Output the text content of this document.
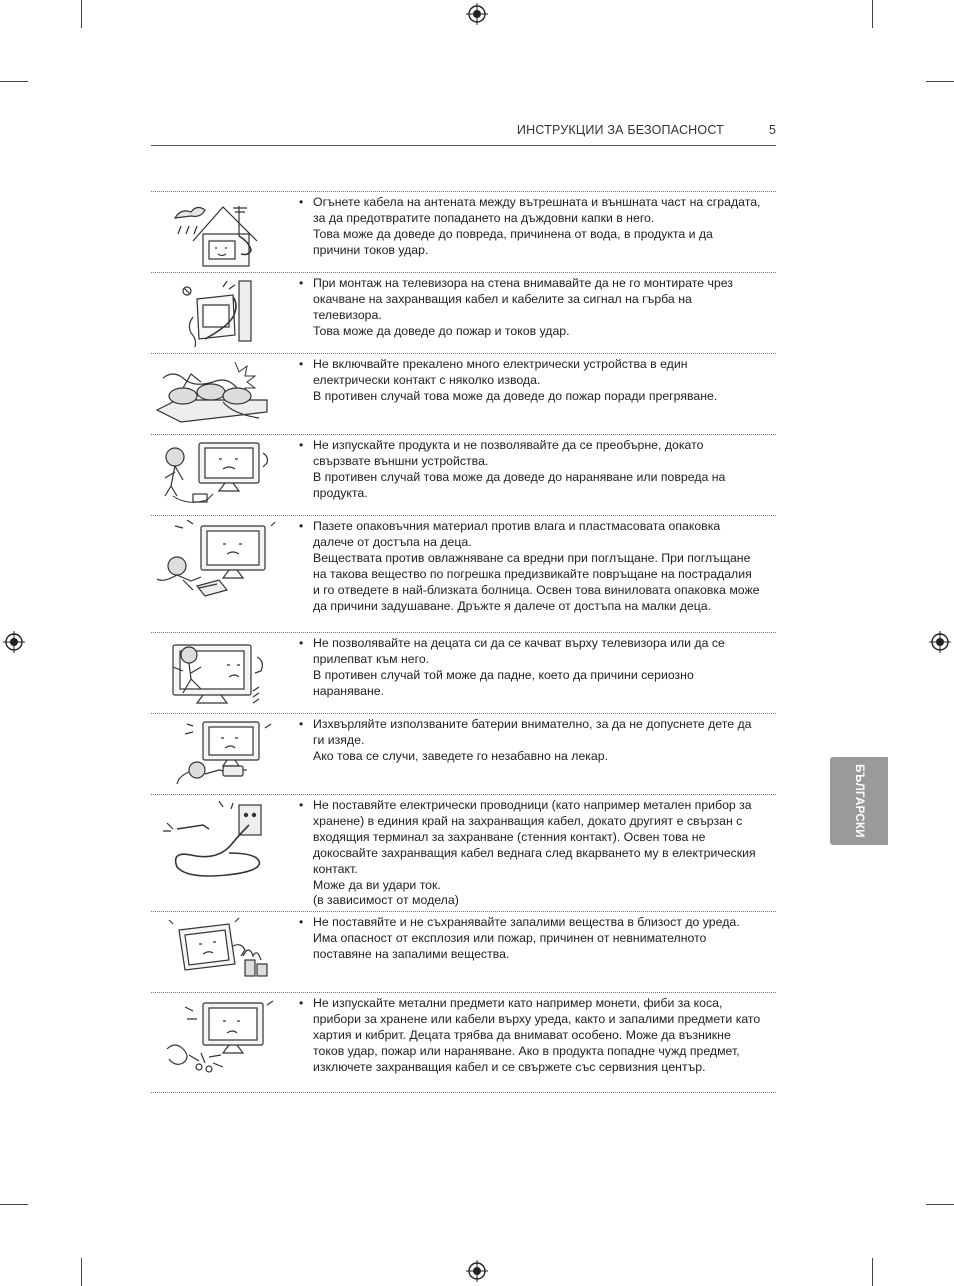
ИНСТРУКЦИИ ЗА БЕЗОПАСНОСТ	5
БЪЛГАРСКИ

• Огънете кабела на антената между вътрешната и външната част на сградата, за да предотвратите попадането на дъждовни капки в него.

Това може да доведе до повреда, причинена от вода, в продукта и да причини токов удар.

• При монтаж на телевизора на стена внимавайте да не го монтирате чрез окачване на захранващия кабел и кабелите за сигнал на гърба на телевизора.

Това може да доведе до пожар и токов удар.

• Не включвайте прекалено много електрически устройства в един електрически контакт с няколко извода.

В противен случай това може да доведе до пожар поради прегряване.

• Не изпускайте продукта и не позволявайте да се преобърне, докато свързвате външни устройства.

В противен случай това може да доведе до нараняване или повреда на продукта.

• Пазете опаковъчния материал против влага и пластмасовата опаковка далече от достъпа на деца.

Веществата против овлажняване са вредни при поглъщане. При поглъщане на такова вещество по погрешка предизвикайте повръщане на пострадалия и го отведете в най-близката болница. Освен това виниловата опаковка може да причини задушаване. Дръжте я далече от достъпа на малки деца.

• Не позволявайте на децата си да се качват върху телевизора или да се прилепват към него.

В противен случай той може да падне, което да причини сериозно нараняване.

• Изхвърляйте използваните батерии внимателно, за да не допуснете дете да ги изяде.

Ако това се случи, заведете го незабавно на лекар.

• Не поставяйте електрически проводници (като например метален прибор за хранене) в единия край на захранващия кабел, докато другият е свързан с входящия терминал за захранване (стенния контакт). Освен това не докосвайте захранващия кабел веднага след вкарването му в електрическия контакт.

Може да ви удари ток.

(в зависимост от модела)

• Не поставяйте и не съхранявайте запалими вещества в близост до уреда.

Има опасност от експлозия или пожар, причинен от невнимателното поставяне на запалими вещества.

• Не изпускайте метални предмети като например монети, фиби за коса, прибори за хранене или кабели върху уреда, както и запалими предмети като хартия и кибрит. Децата трябва да внимават особено. Може да възникне токов удар, пожар или нараняване. Ако в продукта попадне чужд предмет, изключете захранващия кабел и се свържете със сервизния център.
